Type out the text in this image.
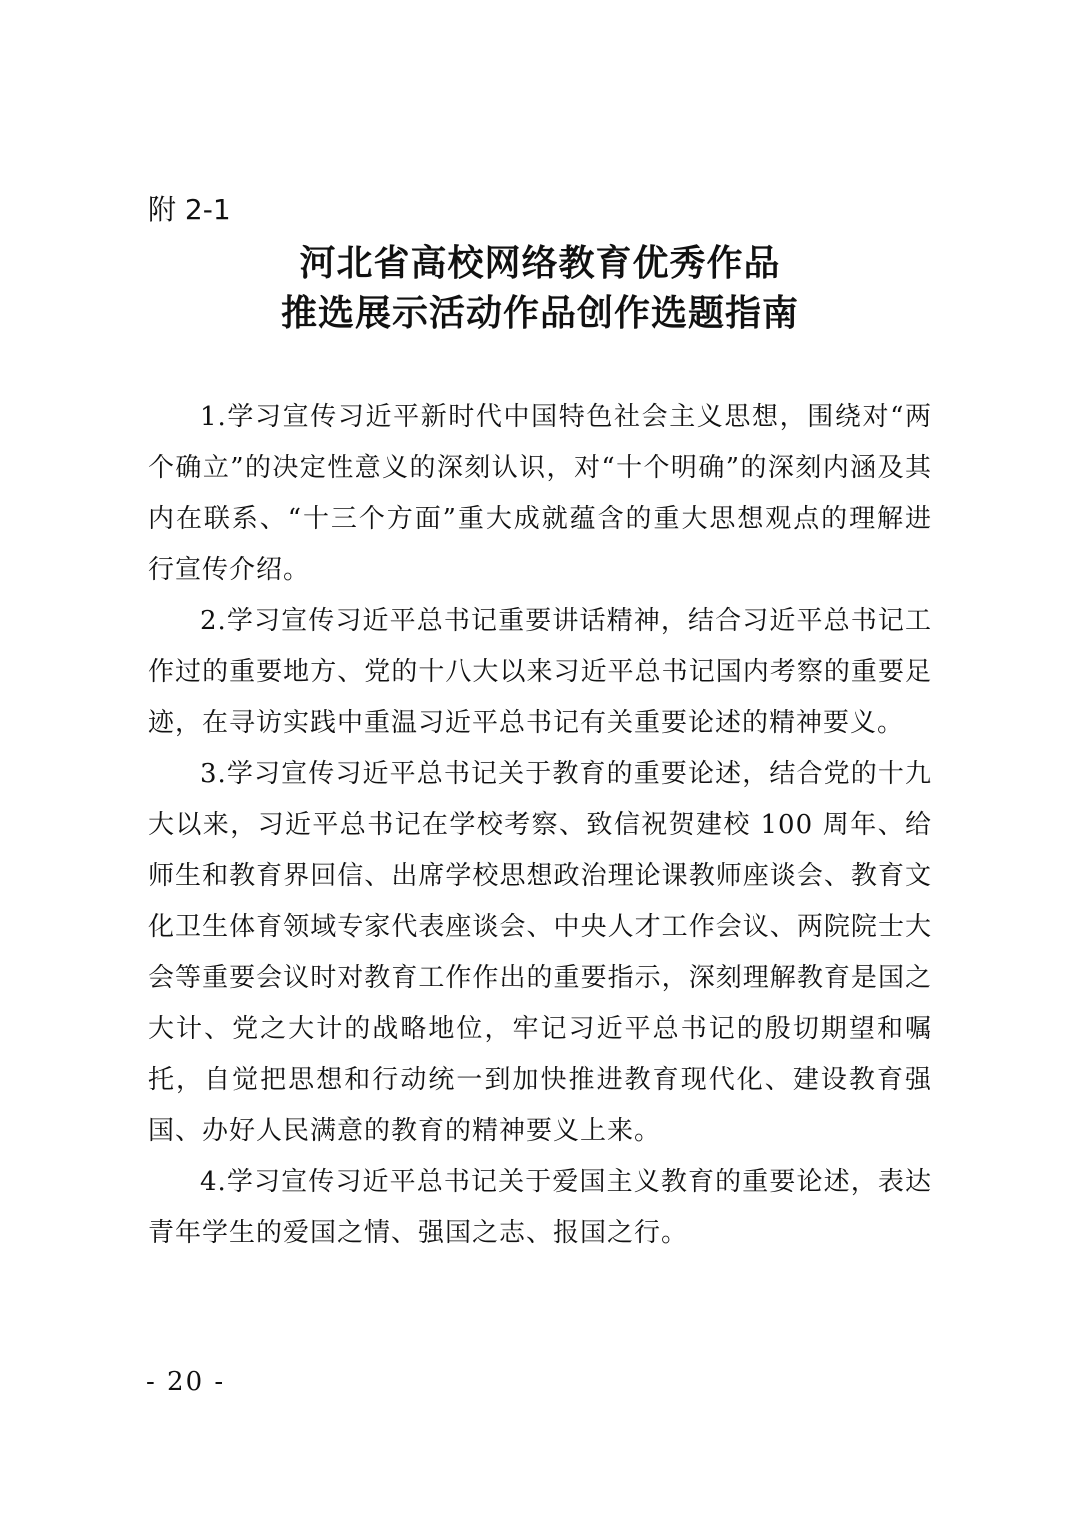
附 2-1
河北省高校网络教育优秀作品
推选展示活动作品创作选题指南

1.学习宣传习近平新时代中国特色社会主义思想，围绕对“两个确立”的决定性意义的深刻认识，对“十个明确”的深刻内涵及其内在联系、“十三个方面”重大成就蕴含的重大思想观点的理解进行宣传介绍。

2.学习宣传习近平总书记重要讲话精神，结合习近平总书记工作过的重要地方、党的十八大以来习近平总书记国内考察的重要足迹，在寻访实践中重温习近平总书记有关重要论述的精神要义。

3.学习宣传习近平总书记关于教育的重要论述，结合党的十九大以来，习近平总书记在学校考察、致信祝贺建校 100 周年、给师生和教育界回信、出席学校思想政治理论课教师座谈会、教育文化卫生体育领域专家代表座谈会、中央人才工作会议、两院院士大会等重要会议时对教育工作作出的重要指示，深刻理解教育是国之大计、党之大计的战略地位，牢记习近平总书记的殷切期望和嘱托，自觉把思想和行动统一到加快推进教育现代化、建设教育强国、办好人民满意的教育的精神要义上来。

4.学习宣传习近平总书记关于爱国主义教育的重要论述，表达青年学生的爱国之情、强国之志、报国之行。

- 20 -
